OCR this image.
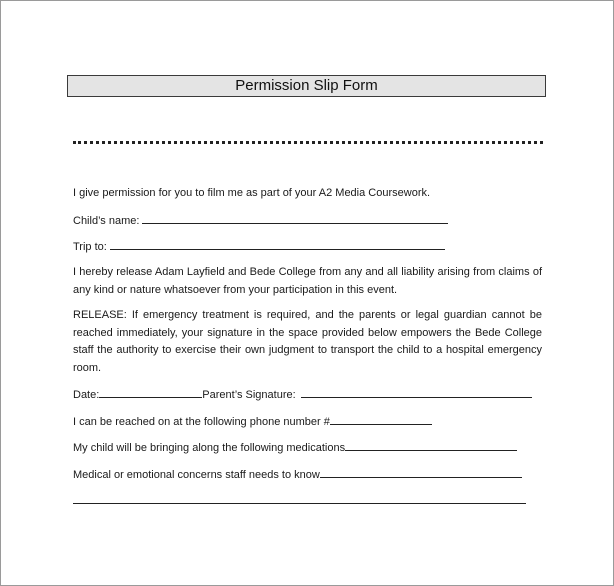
Permission Slip Form
I give permission for you to film me as part of your A2 Media Coursework.
Child’s name:
Trip to:
I hereby release Adam Layfield and Bede College from any and all liability arising from claims of any kind or nature whatsoever from your participation in this event.
RELEASE: If emergency treatment is required, and the parents or legal guardian cannot be reached immediately, your signature in the space provided below empowers the Bede College staff the authority to exercise their own judgment to transport the child to a hospital emergency room.
Date:	Parent’s Signature:
I can be reached on at the following phone number #
My child will be bringing along the following medications
Medical or emotional concerns staff needs to know
